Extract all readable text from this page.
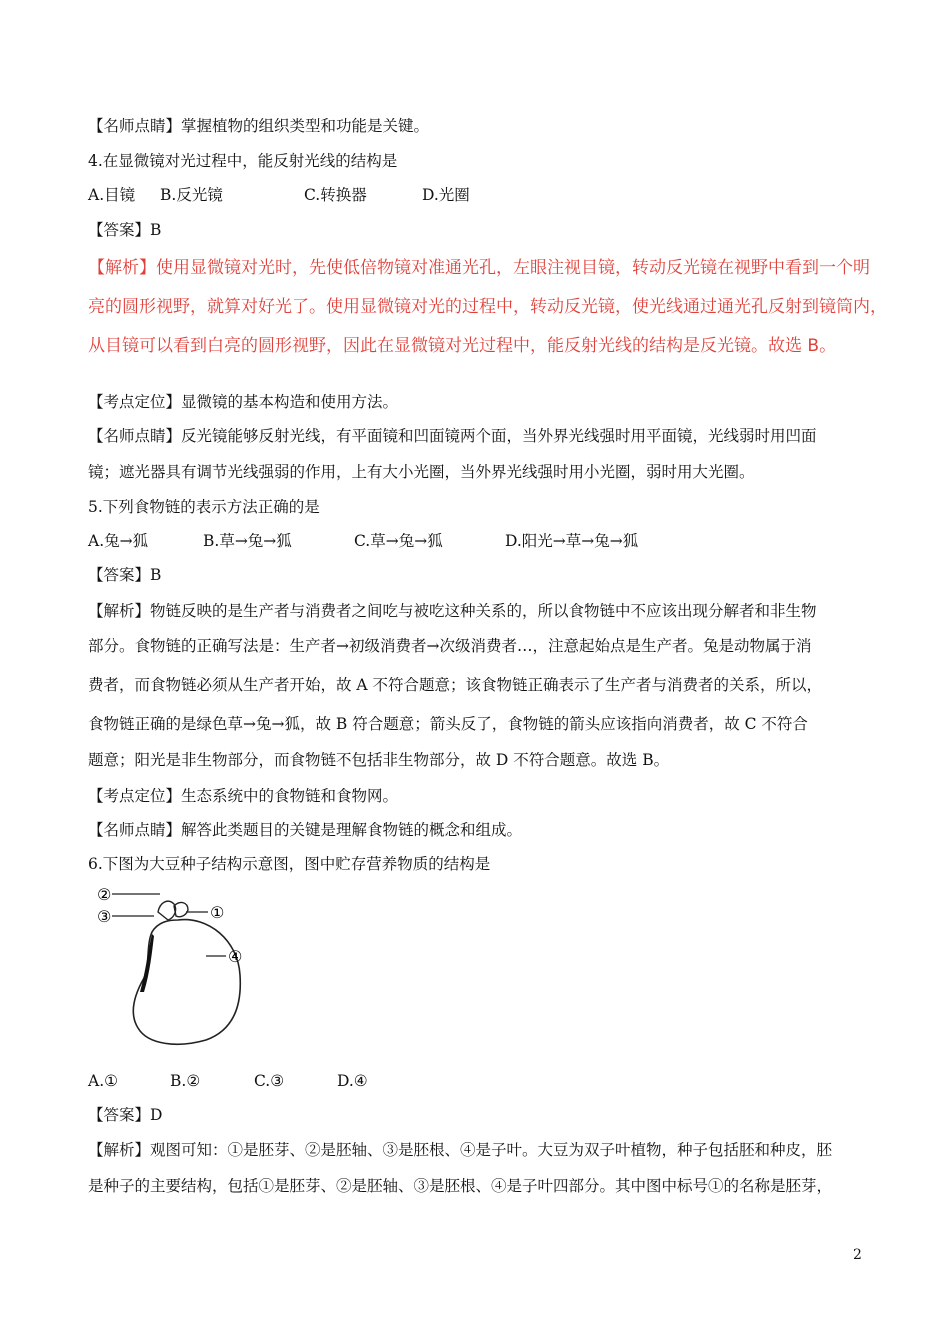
【名师点睛】掌握植物的组织类型和功能是关键。
4.在显微镜对光过程中，能反射光线的结构是
A.目镜 B.反光镜	C.转换器	D.光圈
【答案】B
【解析】使用显微镜对光时，先使低倍物镜对准通光孔，左眼注视目镜，转动反光镜在视野中看到一个明
亮的圆形视野，就算对好光了。使用显微镜对光的过程中，转动反光镜，使光线通过通光孔反射到镜筒内，
从目镜可以看到白亮的圆形视野，因此在显微镜对光过程中，能反射光线的结构是反光镜。故选 B。
【考点定位】显微镜的基本构造和使用方法。
【名师点睛】反光镜能够反射光线，有平面镜和凹面镜两个面，当外界光线强时用平面镜，光线弱时用凹面
镜；遮光器具有调节光线强弱的作用，上有大小光圈，当外界光线强时用小光圈，弱时用大光圈。
5.下列食物链的表示方法正确的是
A.兔→狐	B.草→兔→狐	C.草→兔→狐	D.阳光→草→兔→狐
【答案】B
【解析】物链反映的是生产者与消费者之间吃与被吃这种关系的，所以食物链中不应该出现分解者和非生物
部分。食物链的正确写法是：生产者→初级消费者→次级消费者…，注意起始点是生产者。兔是动物属于消
费者，而食物链必须从生产者开始，故 A 不符合题意；该食物链正确表示了生产者与消费者的关系，所以，
食物链正确的是绿色草→兔→狐，故 B 符合题意；箭头反了，食物链的箭头应该指向消费者，故 C 不符合
题意；阳光是非生物部分，而食物链不包括非生物部分，故 D 不符合题意。故选 B。
【考点定位】生态系统中的食物链和食物网。
【名师点睛】解答此类题目的关键是理解食物链的概念和组成。
6.下图为大豆种子结构示意图，图中贮存营养物质的结构是
②
③	①
④
A.①	B.②	C.③	D.④
【答案】D
【解析】观图可知：①是胚芽、②是胚轴、③是胚根、④是子叶。大豆为双子叶植物，种子包括胚和种皮，胚
是种子的主要结构，包括①是胚芽、②是胚轴、③是胚根、④是子叶四部分。其中图中标号①的名称是胚芽，
2
